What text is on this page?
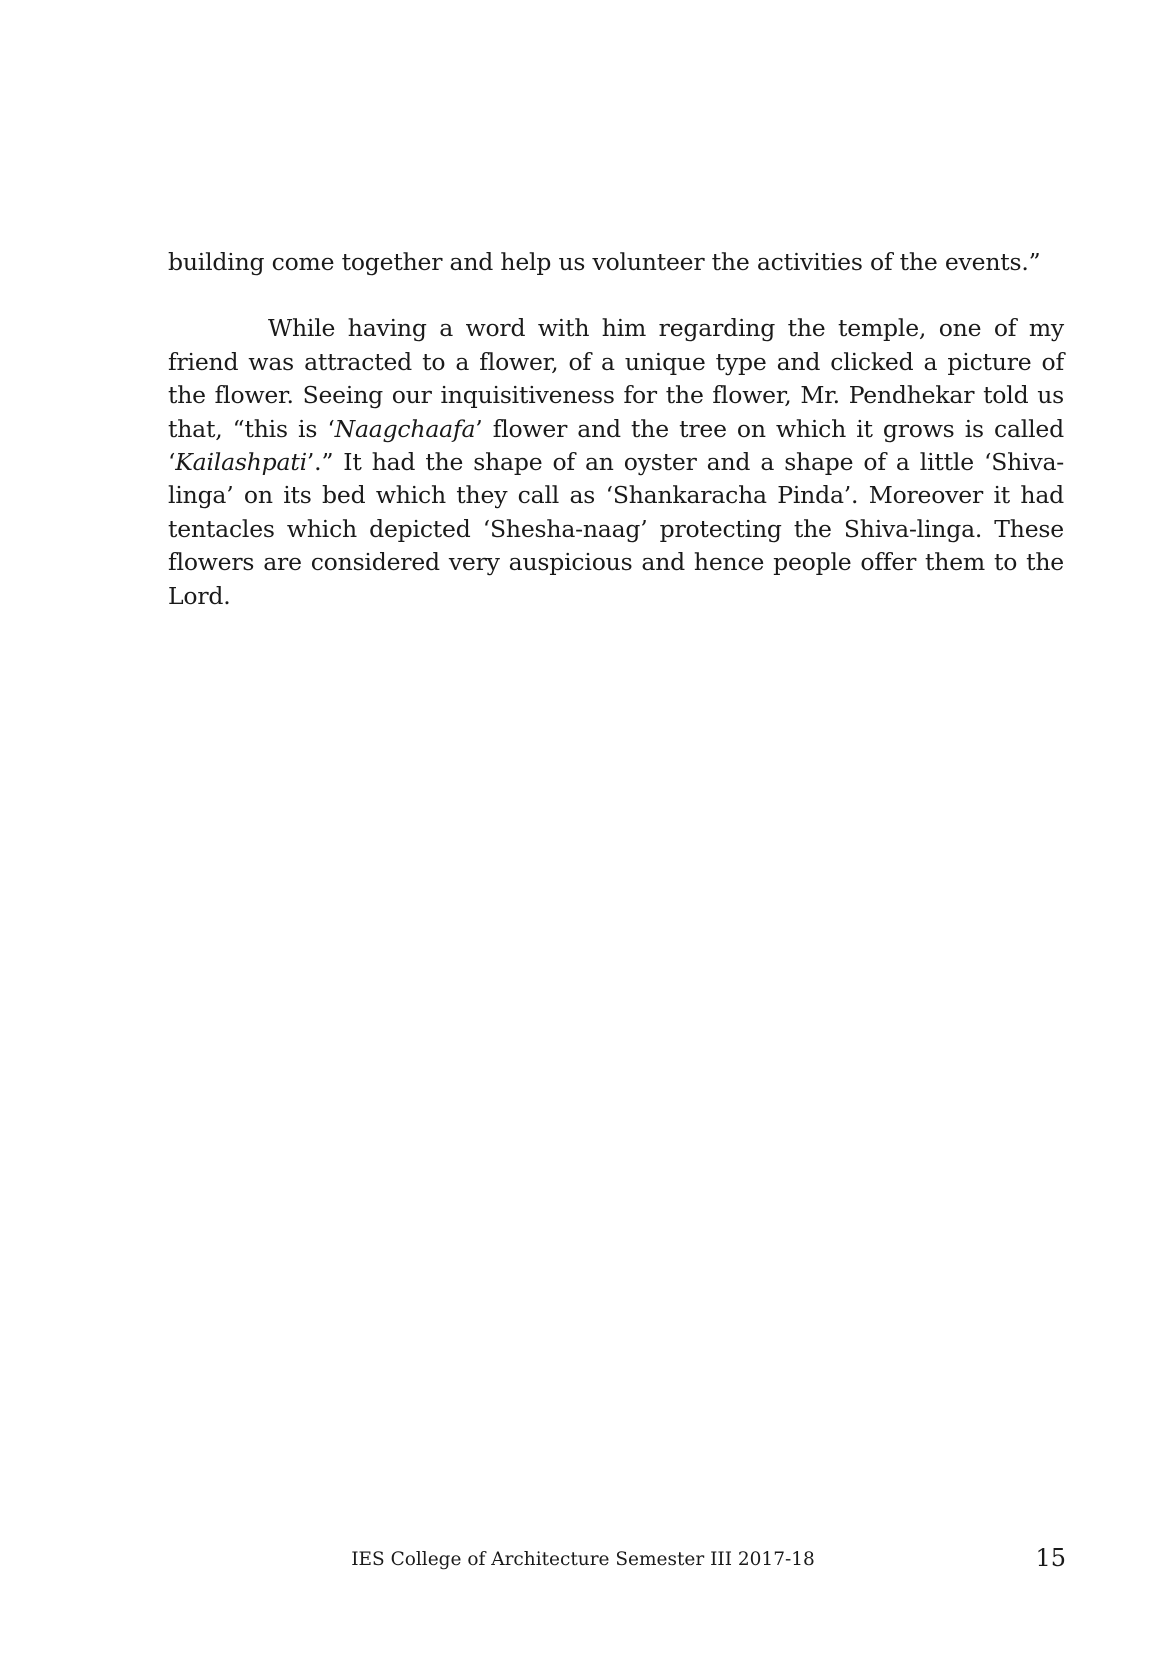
building come together and help us volunteer the activities of the events.”

While having a word with him regarding the temple, one of my friend was attracted to a flower, of a unique type and clicked a picture of the flower. Seeing our inquisitiveness for the flower, Mr. Pendhekar told us that, “this is ‘Naagchaafa’ flower and the tree on which it grows is called ‘Kailashpati’.” It had the shape of an oyster and a shape of a little ‘Shiva-linga’ on its bed which they call as ‘Shankaracha Pinda’. Moreover it had tentacles which depicted ‘Shesha-naag’ protecting the Shiva-linga. These flowers are considered very auspicious and hence people offer them to the Lord.

IES College of Architecture Semester III 2017-18	15
